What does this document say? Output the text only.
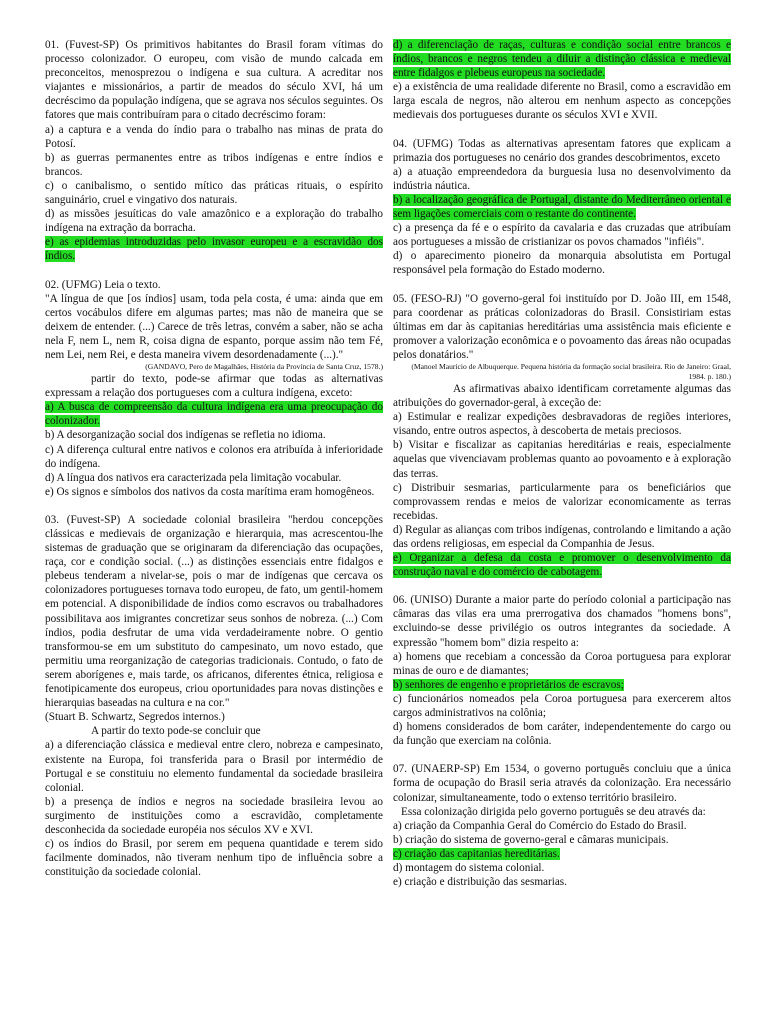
01. (Fuvest-SP) Os primitivos habitantes do Brasil foram vítimas do processo colonizador. O europeu, com visão de mundo calcada em preconceitos, menosprezou o indígena e sua cultura. A acreditar nos viajantes e missionários, a partir de meados do século XVI, há um decréscimo da população indígena, que se agrava nos séculos seguintes. Os fatores que mais contribuíram para o citado decréscimo foram:

a) a captura e a venda do índio para o trabalho nas minas de prata do Potosí.

b) as guerras permanentes entre as tribos indígenas e entre índios e brancos.

c) o canibalismo, o sentido mítico das práticas rituais, o espírito sanguinário, cruel e vingativo dos naturais.

d) as missões jesuíticas do vale amazônico e a exploração do trabalho indígena na extração da borracha.

e) as epidemias introduzidas pelo invasor europeu e a escravidão dos índios.

02. (UFMG) Leia o texto.

"A língua de que [os índios] usam, toda pela costa, é uma: ainda que em certos vocábulos difere em algumas partes; mas não de maneira que se deixem de entender. (...) Carece de três letras, convém a saber, não se acha nela F, nem L, nem R, coisa digna de espanto, porque assim não tem Fé, nem Lei, nem Rei, e desta maneira vivem desordenadamente (...)."

(GANDAVO, Pero de Magalhães, História da Província de Santa Cruz, 1578.)

partir do texto, pode-se afirmar que todas as alternativas expressam a relação dos portugueses com a cultura indígena, exceto:

a) A busca de compreensão da cultura indígena era uma preocupação do colonizador.

b) A desorganização social dos indígenas se refletia no idioma.

c) A diferença cultural entre nativos e colonos era atribuída à inferioridade do indígena.

d) A língua dos nativos era caracterizada pela limitação vocabular.

e) Os signos e símbolos dos nativos da costa marítima eram homogêneos.

03. (Fuvest-SP) A sociedade colonial brasileira "herdou concepções clássicas e medievais de organização e hierarquia, mas acrescentou-lhe sistemas de graduação que se originaram da diferenciação das ocupações, raça, cor e condição social. (...) as distinções essenciais entre fidalgos e plebeus tenderam a nivelar-se, pois o mar de indígenas que cercava os colonizadores portugueses tornava todo europeu, de fato, um gentil-homem em potencial. A disponibilidade de índios como escravos ou trabalhadores possibilitava aos imigrantes concretizar seus sonhos de nobreza. (...) Com índios, podia desfrutar de uma vida verdadeiramente nobre. O gentio transformou-se em um substituto do campesinato, um novo estado, que permitiu uma reorganização de categorias tradicionais. Contudo, o fato de serem aborígenes e, mais tarde, os africanos, diferentes étnica, religiosa e fenotipicamente dos europeus, criou oportunidades para novas distinções e hierarquias baseadas na cultura e na cor."

(Stuart B. Schwartz, Segredos internos.)

A partir do texto pode-se concluir que

a) a diferenciação clássica e medieval entre clero, nobreza e campesinato, existente na Europa, foi transferida para o Brasil por intermédio de Portugal e se constituiu no elemento fundamental da sociedade brasileira colonial.

b) a presença de índios e negros na sociedade brasileira levou ao surgimento de instituições como a escravidão, completamente desconhecida da sociedade européia nos séculos XV e XVI.

c) os índios do Brasil, por serem em pequena quantidade e terem sido facilmente dominados, não tiveram nenhum tipo de influência sobre a constituição da sociedade colonial.

d) a diferenciação de raças, culturas e condição social entre brancos e índios, brancos e negros tendeu a diluir a distinção clássica e medieval entre fidalgos e plebeus europeus na sociedade.

e) a existência de uma realidade diferente no Brasil, como a escravidão em larga escala de negros, não alterou em nenhum aspecto as concepções medievais dos portugueses durante os séculos XVI e XVII.

04. (UFMG) Todas as alternativas apresentam fatores que explicam a primazia dos portugueses no cenário dos grandes descobrimentos, exceto

a) a atuação empreendedora da burguesia lusa no desenvolvimento da indústria náutica.

b) a localização geográfica de Portugal, distante do Mediterrâneo oriental e sem ligações comerciais com o restante do continente.

c) a presença da fé e o espírito da cavalaria e das cruzadas que atribuíam aos portugueses a missão de cristianizar os povos chamados "infiéis".

d) o aparecimento pioneiro da monarquia absolutista em Portugal responsável pela formação do Estado moderno.

05. (FESO-RJ) "O governo-geral foi instituído por D. João III, em 1548, para coordenar as práticas colonizadoras do Brasil. Consistiriam estas últimas em dar às capitanias hereditárias uma assistência mais eficiente e promover a valorização econômica e o povoamento das áreas não ocupadas pelos donatários."

(Manoel Maurício de Albuquerque. Pequena história da formação social brasileira. Rio de Janeiro: Graal, 1984. p. 180.)

As afirmativas abaixo identificam corretamente algumas das atribuições do governador-geral, à exceção de:

a) Estimular e realizar expedições desbravadoras de regiões interiores, visando, entre outros aspectos, à descoberta de metais preciosos.

b) Visitar e fiscalizar as capitanias hereditárias e reais, especialmente aquelas que vivenciavam problemas quanto ao povoamento e à exploração das terras.

c) Distribuir sesmarias, particularmente para os beneficiários que comprovassem rendas e meios de valorizar economicamente as terras recebidas.

d) Regular as alianças com tribos indígenas, controlando e limitando a ação das ordens religiosas, em especial da Companhia de Jesus.

e) Organizar a defesa da costa e promover o desenvolvimento da construção naval e do comércio de cabotagem.

06. (UNISO) Durante a maior parte do período colonial a participação nas câmaras das vilas era uma prerrogativa dos chamados "homens bons", excluindo-se desse privilégio os outros integrantes da sociedade. A expressão "homem bom" dizia respeito a:

a) homens que recebiam a concessão da Coroa portuguesa para explorar minas de ouro e de diamantes;

b) senhores de engenho e proprietários de escravos;

c) funcionários nomeados pela Coroa portuguesa para exercerem altos cargos administrativos na colônia;

d) homens considerados de bom caráter, independentemente do cargo ou da função que exerciam na colônia.

07. (UNAERP-SP) Em 1534, o governo português concluiu que a única forma de ocupação do Brasil seria através da colonização. Era necessário colonizar, simultaneamente, todo o extenso território brasileiro.

Essa colonização dirigida pelo governo português se deu através da:

a) criação da Companhia Geral do Comércio do Estado do Brasil.

b) criação do sistema de governo-geral e câmaras municipais.

c) criação das capitanias hereditárias.

d) montagem do sistema colonial.

e) criação e distribuição das sesmarias.
